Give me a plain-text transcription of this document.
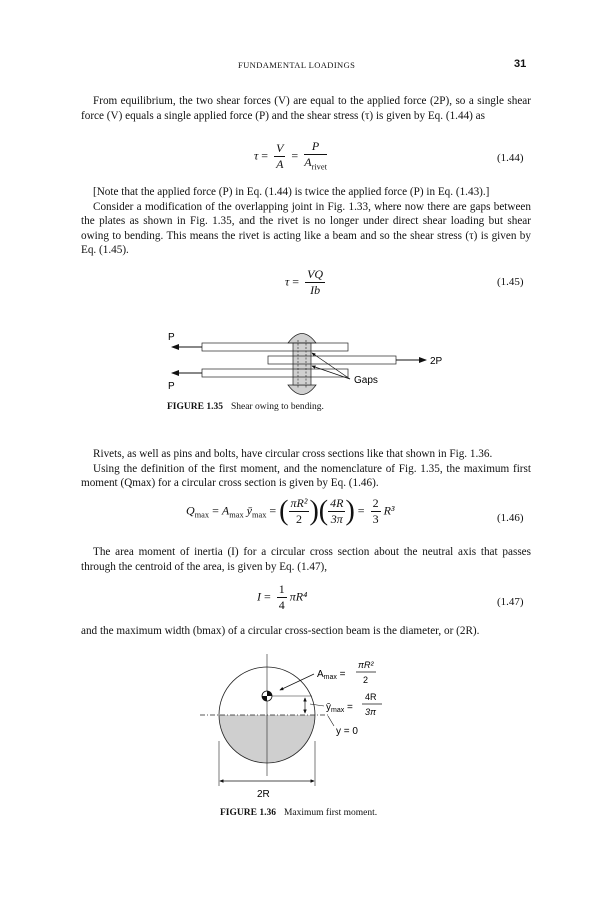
FUNDAMENTAL LOADINGS	31

From equilibrium, the two shear forces (V) are equal to the applied force (2P), so a single shear force (V) equals a single applied force (P) and the shear stress (τ) is given by Eq. (1.44) as

$\tau = \frac{V}{A} = \frac{P}{A_{rivet}}$	(1.44)

[Note that the applied force (P) in Eq. (1.44) is twice the applied force (P) in Eq. (1.43).]

Consider a modification of the overlapping joint in Fig. 1.33, where now there are gaps between the plates as shown in Fig. 1.35, and the rivet is no longer under direct shear loading but shear owing to bending. This means the rivet is acting like a beam and so the shear stress (τ) is given by Eq. (1.45).

$\tau = \frac{VQ}{Ib}$	(1.45)
P
P
2P
Gaps
FIGURE 1.35 Shear owing to bending.

Rivets, as well as pins and bolts, have circular cross sections like that shown in Fig. 1.36.

Using the definition of the first moment, and the nomenclature of Fig. 1.35, the maximum first moment (Qmax) for a circular cross section is given by Eq. (1.46).

$Q_{max} = A_{max}$ $ȳ_{max}$ = ( $\frac{\text{πR²}}{2}$ )( $\frac{4R}{3\pi}$ ) = $\frac{2}{3} R^3$
(1.46)

The area moment of inertia (I) for a circular cross section about the neutral axis that passes through the centroid of the area, is given by Eq. (1.47),

$I = \frac{1}{4} \pi R^4$	(1.47)

and the maximum width (bmax) of a circular cross-section beam is the diameter, or (2R).

$A_{max}$ =
πR²
2
$ȳ_{max}$ =
4R
3π
y = 0
2R
FIGURE 1.36 Maximum first moment.
